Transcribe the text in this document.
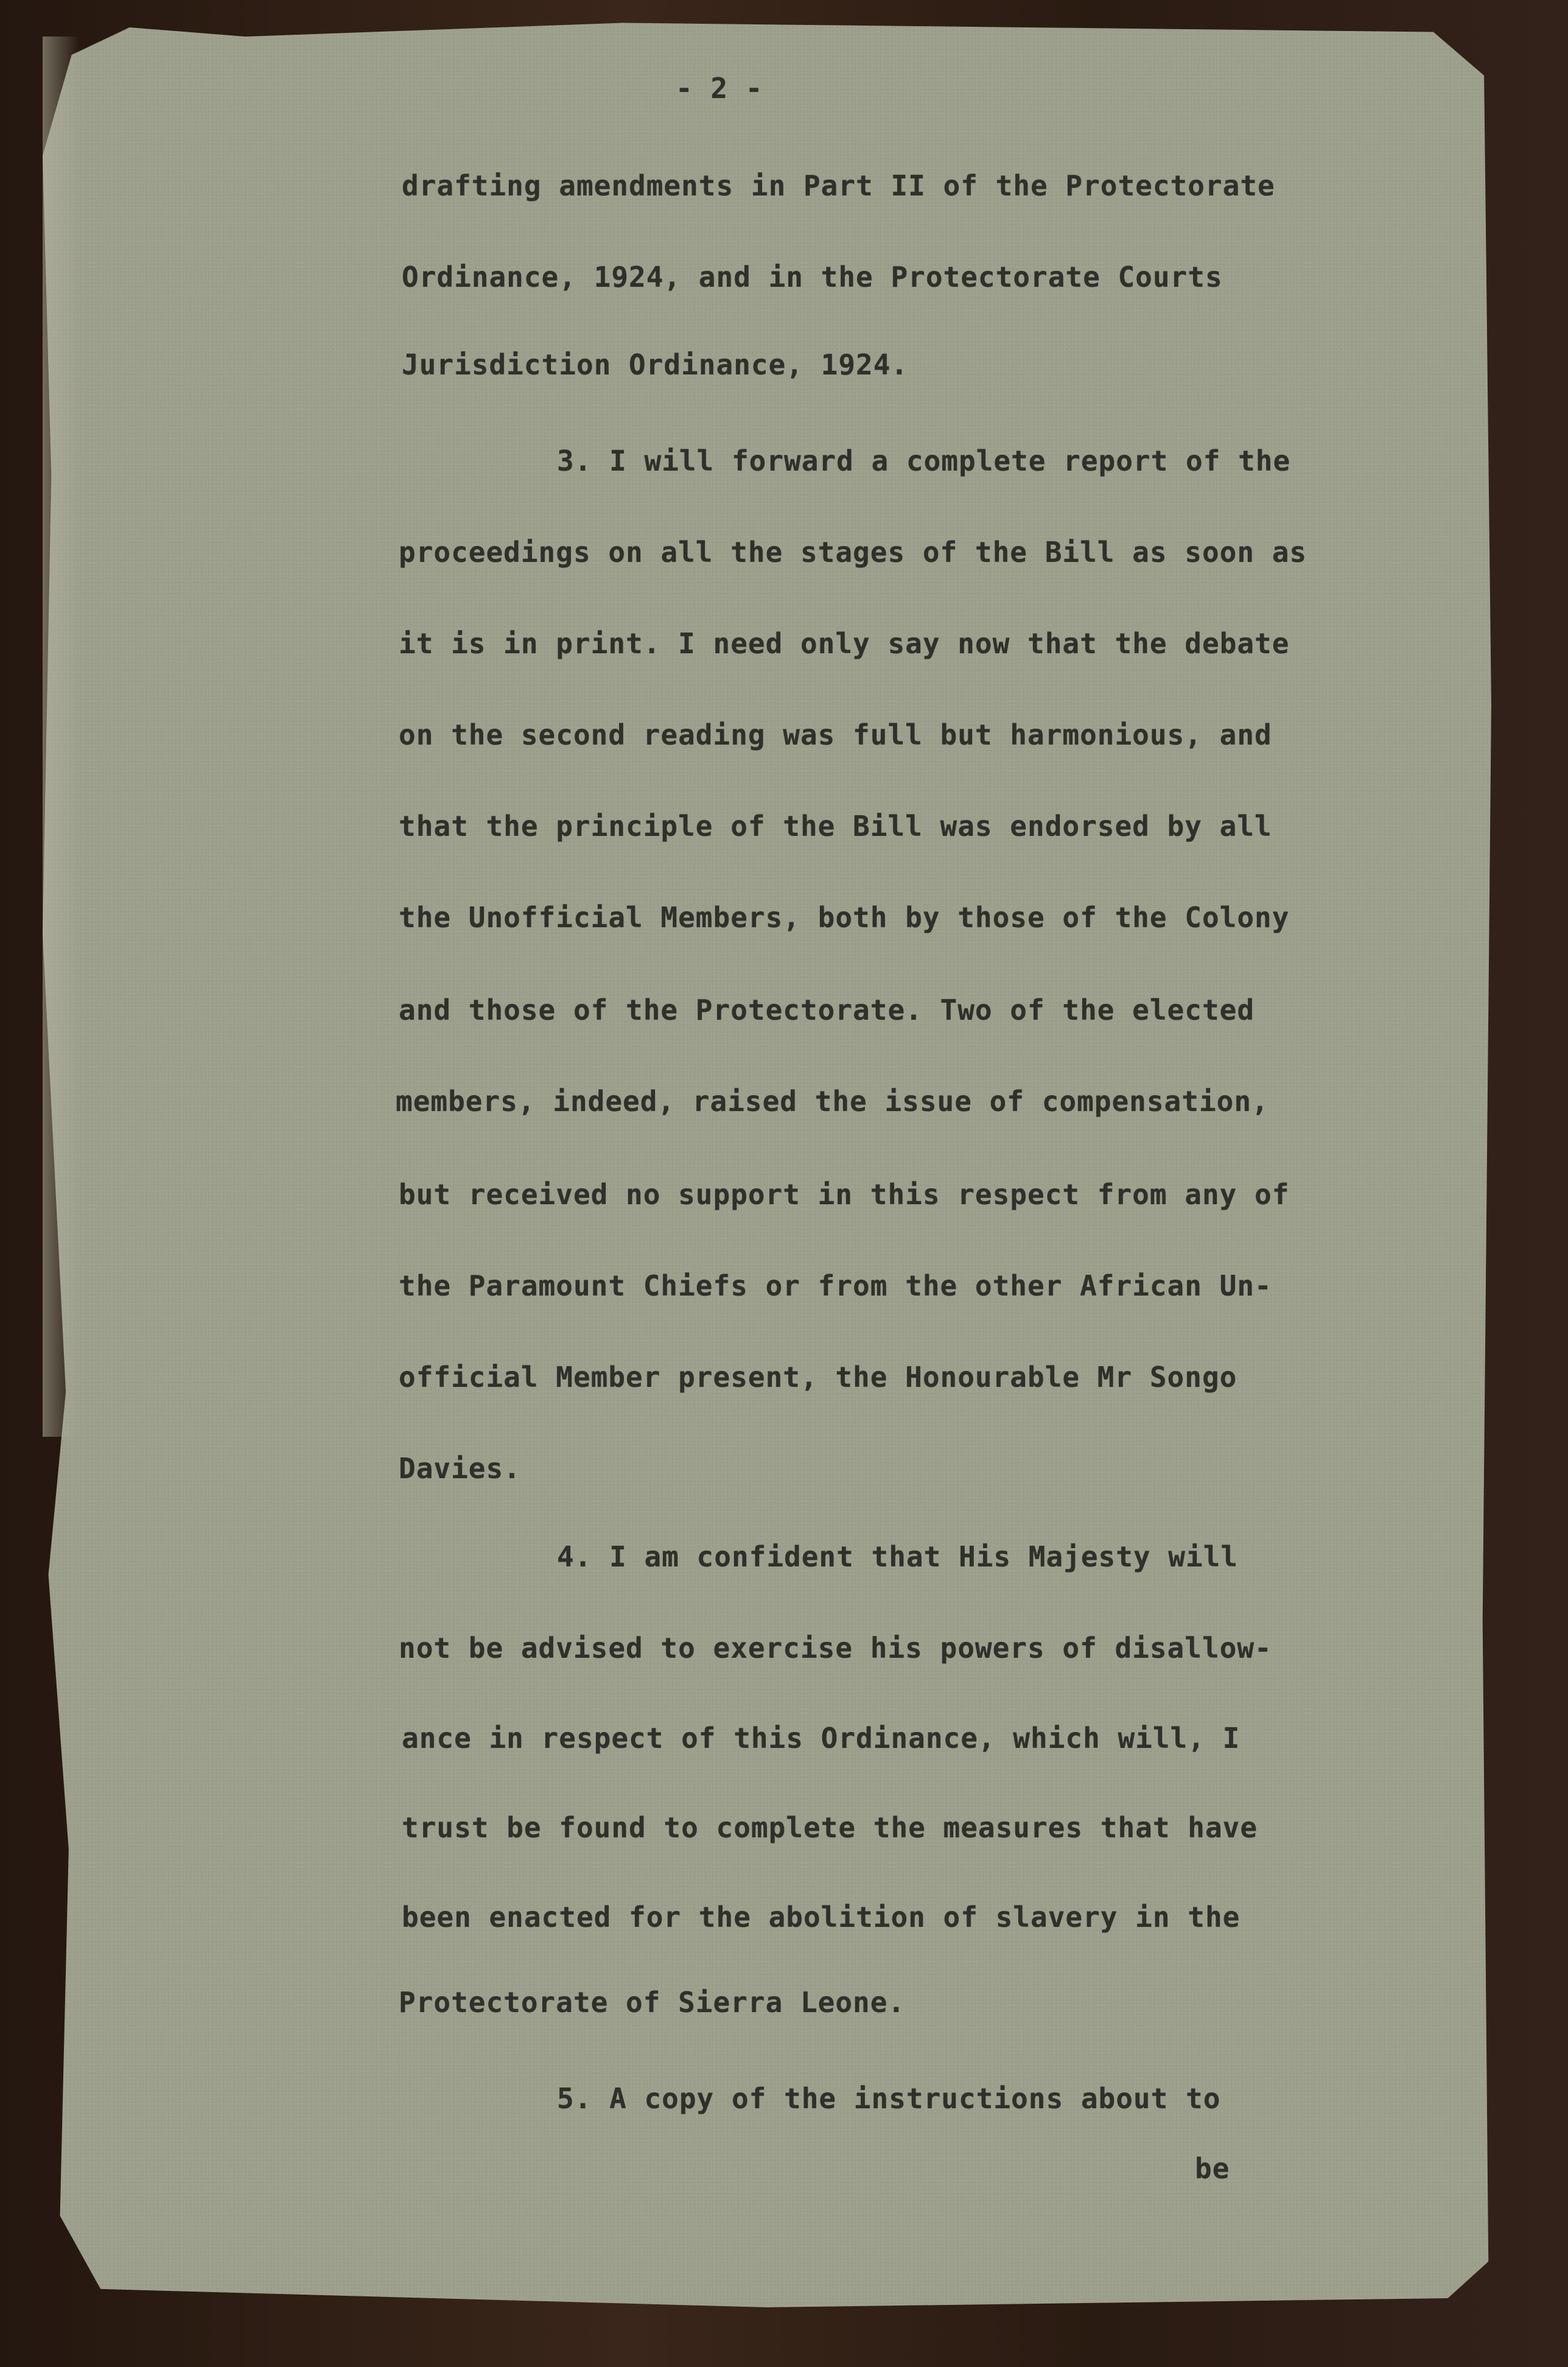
- 2 -

drafting amendments in Part II of the Protectorate

Ordinance, 1924, and in the Protectorate Courts

Jurisdiction Ordinance, 1924.

3. I will forward a complete report of the

proceedings on all the stages of the Bill as soon as

it is in print. I need only say now that the debate

on the second reading was full but harmonious, and

that the principle of the Bill was endorsed by all

the Unofficial Members, both by those of the Colony

and those of the Protectorate. Two of the elected

members, indeed, raised the issue of compensation,

but received no support in this respect from any of

the Paramount Chiefs or from the other African Un-

official Member present, the Honourable Mr Songo

Davies.

4. I am confident that His Majesty will

not be advised to exercise his powers of disallow-

ance in respect of this Ordinance, which will, I

trust be found to complete the measures that have

been enacted for the abolition of slavery in the

Protectorate of Sierra Leone.

5. A copy of the instructions about to

be
